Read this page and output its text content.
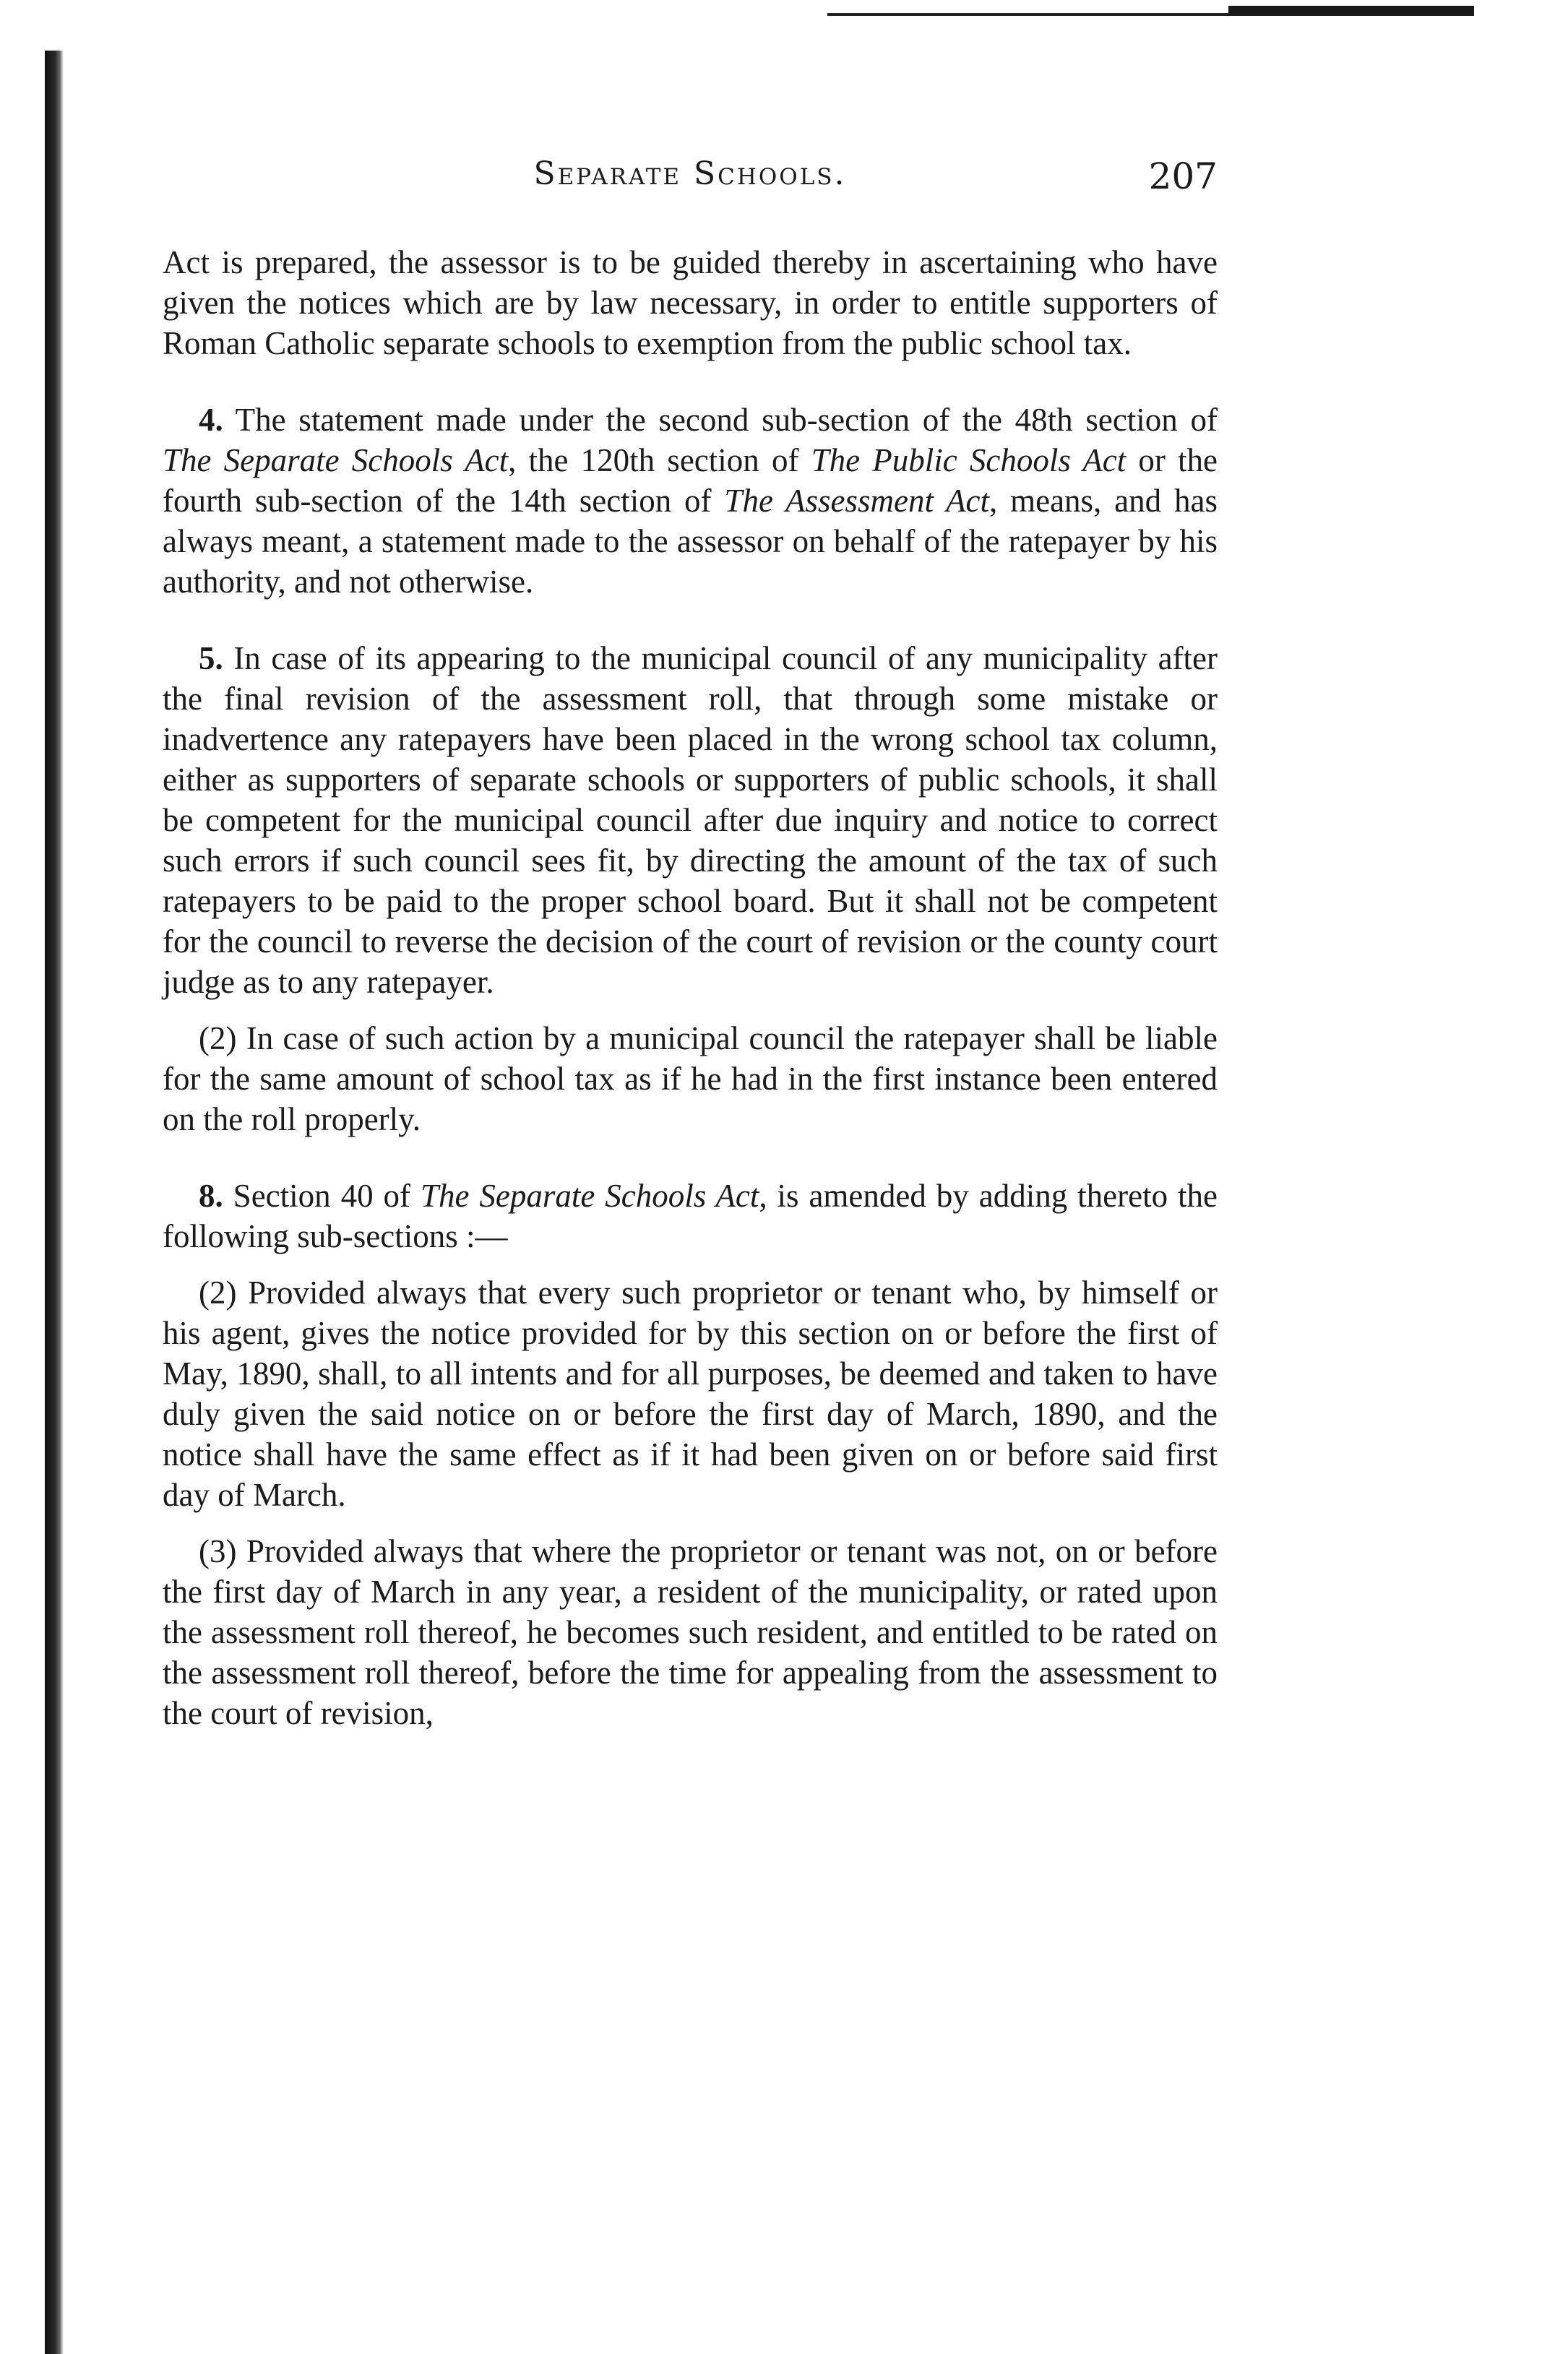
Separate Schools.	207

Act is prepared, the assessor is to be guided thereby in ascertaining who have given the notices which are by law necessary, in order to entitle supporters of Roman Catholic separate schools to exemption from the public school tax.

4. The statement made under the second sub-section of the 48th section of The Separate Schools Act, the 120th section of The Public Schools Act or the fourth sub-section of the 14th section of The Assessment Act, means, and has always meant, a statement made to the assessor on behalf of the ratepayer by his authority, and not otherwise.

5. In case of its appearing to the municipal council of any municipality after the final revision of the assessment roll, that through some mistake or inadvertence any ratepayers have been placed in the wrong school tax column, either as supporters of separate schools or supporters of public schools, it shall be competent for the municipal council after due inquiry and notice to correct such errors if such council sees fit, by directing the amount of the tax of such ratepayers to be paid to the proper school board. But it shall not be competent for the council to reverse the decision of the court of revision or the county court judge as to any ratepayer.

(2) In case of such action by a municipal council the ratepayer shall be liable for the same amount of school tax as if he had in the first instance been entered on the roll properly.

8. Section 40 of The Separate Schools Act, is amended by adding thereto the following sub-sections :—

(2) Provided always that every such proprietor or tenant who, by himself or his agent, gives the notice provided for by this section on or before the first of May, 1890, shall, to all intents and for all purposes, be deemed and taken to have duly given the said notice on or before the first day of March, 1890, and the notice shall have the same effect as if it had been given on or before said first day of March.

(3) Provided always that where the proprietor or tenant was not, on or before the first day of March in any year, a resident of the municipality, or rated upon the assessment roll thereof, he becomes such resident, and entitled to be rated on the assessment roll thereof, before the time for appealing from the assessment to the court of revision,
